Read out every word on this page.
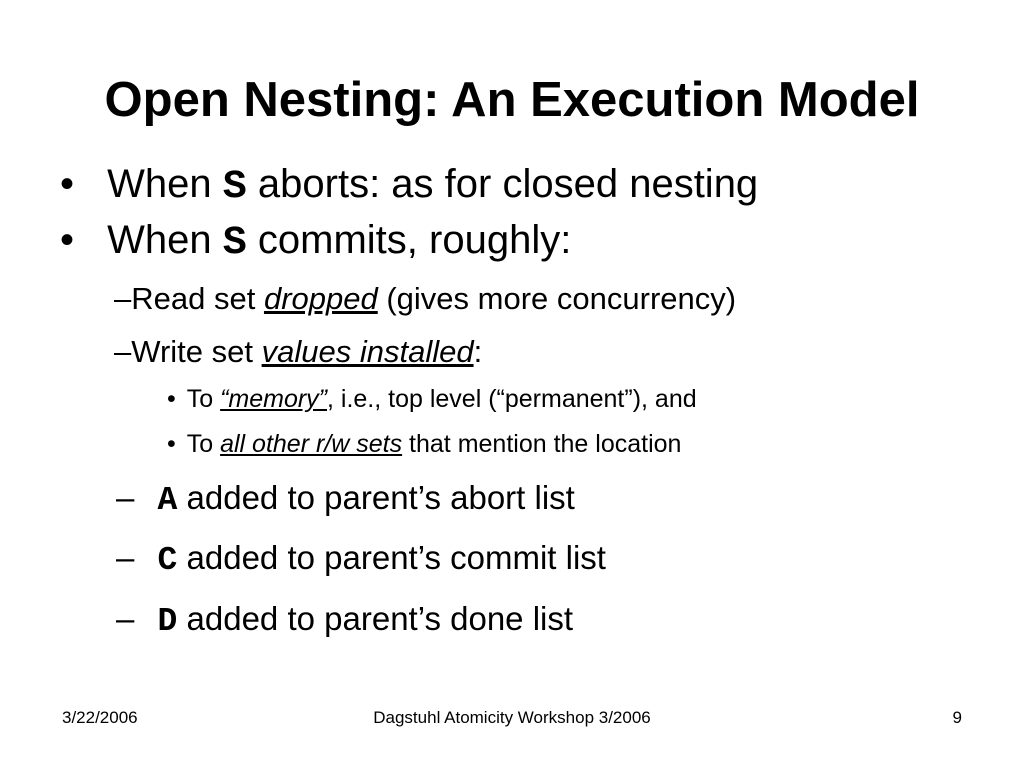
Open Nesting: An Execution Model
• When S aborts: as for closed nesting
• When S commits, roughly:
–Read set dropped (gives more concurrency)
–Write set values installed:
• To “memory”, i.e., top level (“permanent”), and
• To all other r/w sets that mention the location
– A added to parent’s abort list
– C added to parent’s commit list
– D added to parent’s done list
3/22/2006	Dagstuhl Atomicity Workshop 3/2006	9
